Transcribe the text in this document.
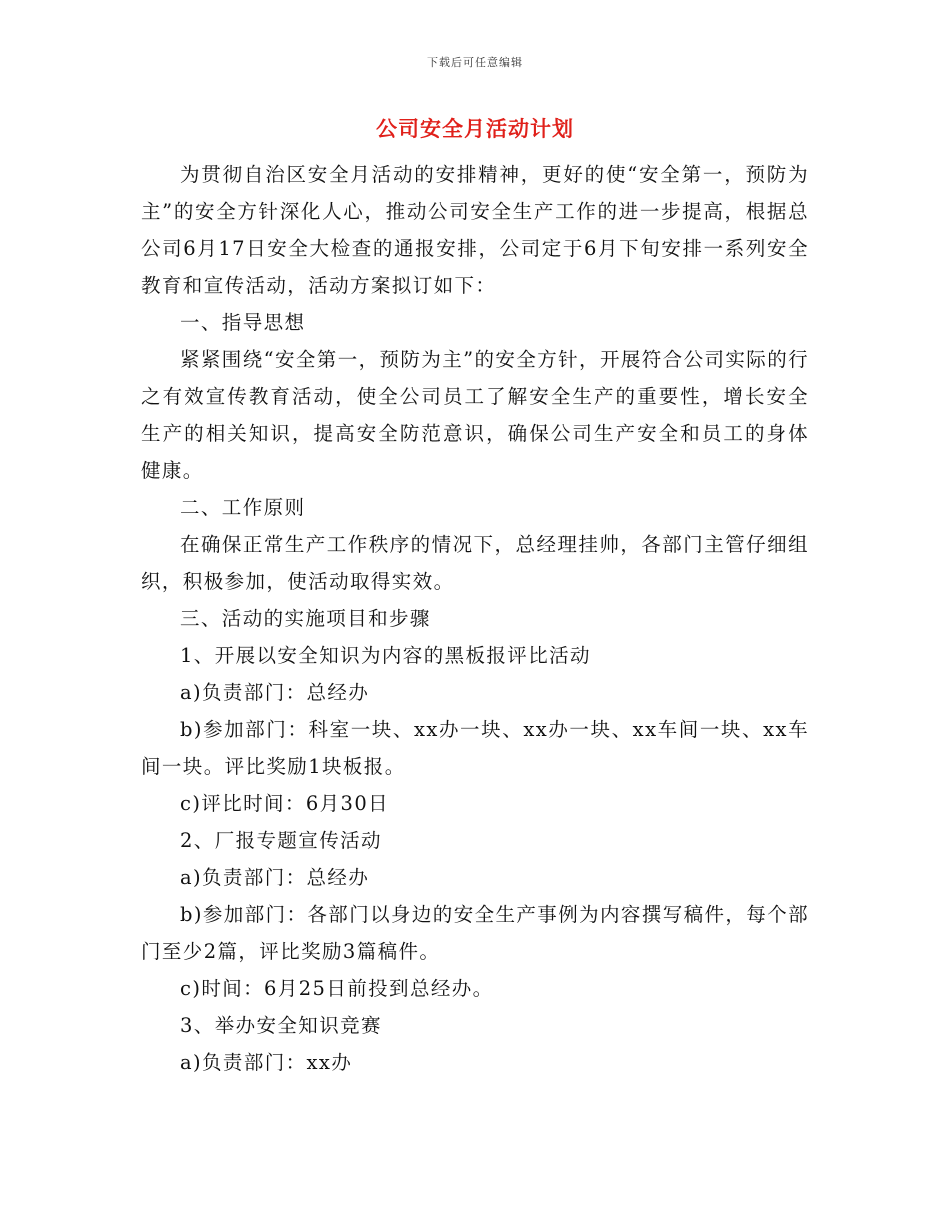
下载后可任意编辑
公司安全月活动计划

为贯彻自治区安全月活动的安排精神，更好的使“安全第一，预防为主”的安全方针深化人心，推动公司安全生产工作的进一步提高，根据总公司6月17日安全大检查的通报安排，公司定于6月下旬安排一系列安全教育和宣传活动，活动方案拟订如下：

一、指导思想

紧紧围绕“安全第一，预防为主”的安全方针，开展符合公司实际的行之有效宣传教育活动，使全公司员工了解安全生产的重要性，增长安全生产的相关知识，提高安全防范意识，确保公司生产安全和员工的身体健康。

二、工作原则

在确保正常生产工作秩序的情况下，总经理挂帅，各部门主管仔细组织，积极参加，使活动取得实效。

三、活动的实施项目和步骤

1、开展以安全知识为内容的黑板报评比活动

a)负责部门：总经办

b)参加部门：科室一块、xx办一块、xx办一块、xx车间一块、xx车间一块。评比奖励1块板报。

c)评比时间：6月30日

2、厂报专题宣传活动

a)负责部门：总经办

b)参加部门：各部门以身边的安全生产事例为内容撰写稿件，每个部门至少2篇，评比奖励3篇稿件。

c)时间：6月25日前投到总经办。

3、举办安全知识竞赛

a)负责部门：xx办
